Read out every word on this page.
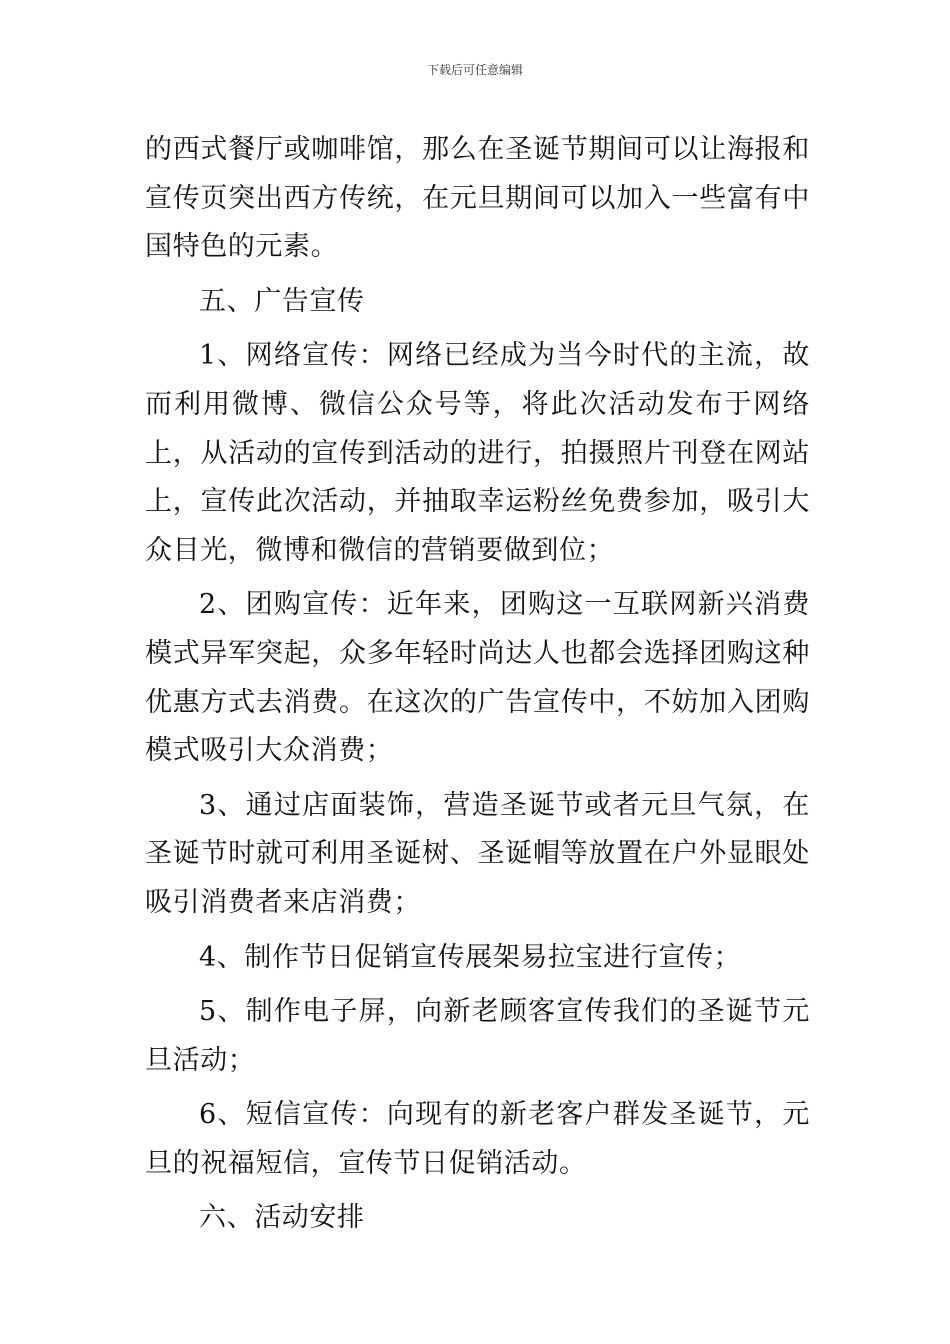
下载后可任意编辑

的西式餐厅或咖啡馆，那么在圣诞节期间可以让海报和宣传页突出西方传统，在元旦期间可以加入一些富有中国特色的元素。

五、广告宣传

1、网络宣传：网络已经成为当今时代的主流，故而利用微博、微信公众号等，将此次活动发布于网络上，从活动的宣传到活动的进行，拍摄照片刊登在网站上，宣传此次活动，并抽取幸运粉丝免费参加，吸引大众目光，微博和微信的营销要做到位；

2、团购宣传：近年来，团购这一互联网新兴消费模式异军突起，众多年轻时尚达人也都会选择团购这种优惠方式去消费。在这次的广告宣传中，不妨加入团购模式吸引大众消费；

3、通过店面装饰，营造圣诞节或者元旦气氛，在圣诞节时就可利用圣诞树、圣诞帽等放置在户外显眼处吸引消费者来店消费；

4、制作节日促销宣传展架易拉宝进行宣传；

5、制作电子屏，向新老顾客宣传我们的圣诞节元旦活动；

6、短信宣传：向现有的新老客户群发圣诞节，元旦的祝福短信，宣传节日促销活动。

六、活动安排
